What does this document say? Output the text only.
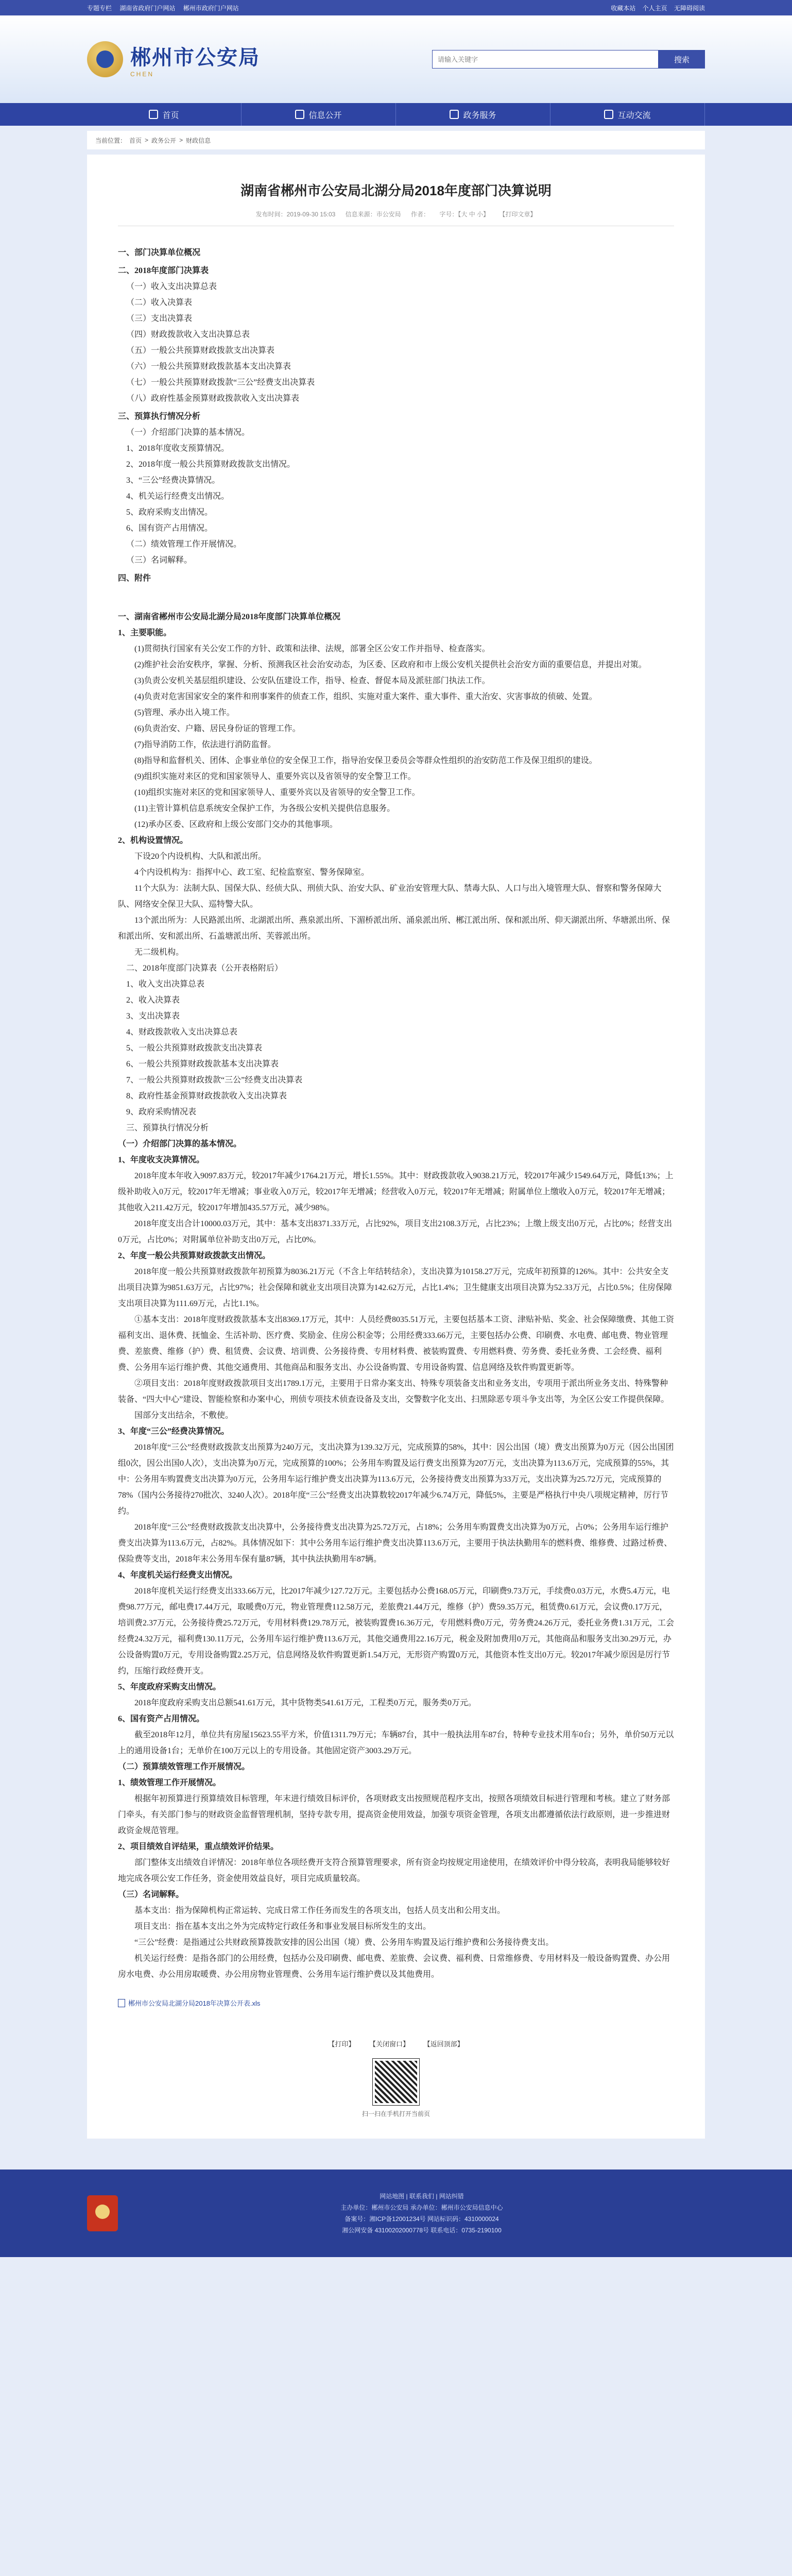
专题专栏 湖南省政府门户网站 郴州市政府门户网站	收藏本站 个人主页 无障碍阅读
郴州市公安局
CHEN
请输入关键字
搜索
首页	信息公开	政务服务	互动交流
当前位置： 首页 > 政务公开 > 财政信息
湖南省郴州市公安局北湖分局2018年度部门决算说明
发布时间：2019-09-30 15:03 信息来源：市公安局 作者： 字号：【大 中 小】 【打印文章】

一、部门决算单位概况

二、2018年度部门决算表

（一）收入支出决算总表

（二）收入决算表

（三）支出决算表

（四）财政拨款收入支出决算总表

（五）一般公共预算财政拨款支出决算表

（六）一般公共预算财政拨款基本支出决算表

（七）一般公共预算财政拨款“三公”经费支出决算表

（八）政府性基金预算财政拨款收入支出决算表

三、预算执行情况分析

（一）介绍部门决算的基本情况。

1、2018年度收支预算情况。

2、2018年度一般公共预算财政拨款支出情况。

3、“三公”经费决算情况。

4、机关运行经费支出情况。

5、政府采购支出情况。

6、国有资产占用情况。

（二）绩效管理工作开展情况。

（三）名词解释。

四、附件

一、湖南省郴州市公安局北湖分局2018年度部门决算单位概况

1、主要职能。

(1)贯彻执行国家有关公安工作的方针、政策和法律、法规，部署全区公安工作并指导、检查落实。

(2)维护社会治安秩序，掌握、分析、预测我区社会治安动态，为区委、区政府和市上级公安机关提供社会治安方面的重要信息，并提出对策。

(3)负责公安机关基层组织建设、公安队伍建设工作，指导、检查、督促本局及派驻部门执法工作。

(4)负责对危害国家安全的案件和刑事案件的侦查工作，组织、实施对重大案件、重大事件、重大治安、灾害事故的侦破、处置。

(5)管理、承办出入境工作。

(6)负责治安、户籍、居民身份证的管理工作。

(7)指导消防工作，依法进行消防监督。

(8)指导和监督机关、团体、企事业单位的安全保卫工作，指导治安保卫委员会等群众性组织的治安防范工作及保卫组织的建设。

(9)组织实施对来区的党和国家领导人、重要外宾以及省领导的安全警卫工作。

(10)组织实施对来区的党和国家领导人、重要外宾以及省领导的安全警卫工作。

(11)主管计算机信息系统安全保护工作，为各级公安机关提供信息服务。

(12)承办区委、区政府和上级公安部门交办的其他事项。

2、机构设置情况。

下设20个内设机构、大队和派出所。

4个内设机构为：指挥中心、政工室、纪检监察室、警务保障室。

11个大队为：法制大队、国保大队、经侦大队、刑侦大队、治安大队、矿业治安管理大队、禁毒大队、人口与出入境管理大队、督察和警务保障大队、网络安全保卫大队、巡特警大队。

13个派出所为：人民路派出所、北湖派出所、燕泉派出所、下湄桥派出所、涌泉派出所、郴江派出所、保和派出所、仰天湖派出所、华塘派出所、保和派出所、安和派出所、石盖塘派出所、芙蓉派出所。

无二级机构。

二、2018年度部门决算表（公开表格附后）

1、收入支出决算总表

2、收入决算表

3、支出决算表

4、财政拨款收入支出决算总表

5、一般公共预算财政拨款支出决算表

6、一般公共预算财政拨款基本支出决算表

7、一般公共预算财政拨款“三公”经费支出决算表

8、政府性基金预算财政拨款收入支出决算表

9、政府采购情况表

三、预算执行情况分析

（一）介绍部门决算的基本情况。

1、年度收支决算情况。

2018年度本年收入9097.83万元，较2017年减少1764.21万元，增长1.55%。其中：财政拨款收入9038.21万元，较2017年减少1549.64万元，降低13%；上级补助收入0万元，较2017年无增减；事业收入0万元，较2017年无增减；经营收入0万元，较2017年无增减；附属单位上缴收入0万元，较2017年无增减；其他收入211.42万元，较2017年增加435.57万元，减少98%。

2018年度支出合计10000.03万元，其中：基本支出8371.33万元，占比92%，项目支出2108.3万元，占比23%；上缴上级支出0万元，占比0%；经营支出0万元，占比0%；对附属单位补助支出0万元，占比0%。

2、年度一般公共预算财政拨款支出情况。

2018年度一般公共预算财政拨款年初预算为8036.21万元（不含上年结转结余），支出决算为10158.27万元，完成年初预算的126%。其中：公共安全支出项目决算为9851.63万元，占比97%；社会保障和就业支出项目决算为142.62万元，占比1.4%；卫生健康支出项目决算为52.33万元，占比0.5%；住房保障支出项目决算为111.69万元，占比1.1%。

①基本支出：2018年度财政拨款基本支出8369.17万元，其中：人员经费8035.51万元，主要包括基本工资、津贴补贴、奖金、社会保障缴费、其他工资福利支出、退休费、抚恤金、生活补助、医疗费、奖励金、住房公积金等；公用经费333.66万元，主要包括办公费、印刷费、水电费、邮电费、物业管理费、差旅费、维修（护）费、租赁费、会议费、培训费、公务接待费、专用材料费、被装购置费、专用燃料费、劳务费、委托业务费、工会经费、福利费、公务用车运行维护费、其他交通费用、其他商品和服务支出、办公设备购置、专用设备购置、信息网络及软件购置更新等。

②项目支出：2018年度财政拨款项目支出1789.1万元，主要用于日常办案支出、特殊专项装备支出和业务支出，专项用于派出所业务支出、特殊警种装备、“四大中心”建设、智能检察和办案中心，刑侦专项技术侦查设备及支出，交警数字化支出、扫黑除恶专项斗争支出等，为全区公安工作提供保障。

国部分支出结余，不敷使。

3、年度“三公”经费决算情况。

2018年度“三公”经费财政拨款支出预算为240万元，支出决算为139.32万元，完成预算的58%，其中：因公出国（境）费支出预算为0万元（因公出国团组0次，因公出国0人次），支出决算为0万元，完成预算的100%；公务用车购置及运行费支出预算为207万元，支出决算为113.6万元，完成预算的55%，其中：公务用车购置费支出决算为0万元，公务用车运行维护费支出决算为113.6万元，公务接待费支出预算为33万元，支出决算为25.72万元，完成预算的78%（国内公务接待270批次、3240人次）。2018年度“三公”经费支出决算数较2017年减少6.74万元，降低5%，主要是严格执行中央八项规定精神，厉行节约。

2018年度“三公”经费财政拨款支出决算中，公务接待费支出决算为25.72万元，占18%；公务用车购置费支出决算为0万元，占0%；公务用车运行维护费支出决算为113.6万元，占82%。具体情况如下：其中公务用车运行维护费支出决算113.6万元，主要用于执法执勤用车的燃料费、维修费、过路过桥费、保险费等支出，2018年末公务用车保有量87辆，其中执法执勤用车87辆。

4、年度机关运行经费支出情况。

2018年度机关运行经费支出333.66万元，比2017年减少127.72万元。主要包括办公费168.05万元，印刷费9.73万元，手续费0.03万元，水费5.4万元，电费98.77万元，邮电费17.44万元，取暖费0万元，物业管理费112.58万元，差旅费21.44万元，维修（护）费59.35万元，租赁费0.61万元，会议费0.17万元，培训费2.37万元，公务接待费25.72万元，专用材料费129.78万元，被装购置费16.36万元，专用燃料费0万元，劳务费24.26万元，委托业务费1.31万元，工会经费24.32万元，福利费130.11万元，公务用车运行维护费113.6万元，其他交通费用22.16万元，税金及附加费用0万元，其他商品和服务支出30.29万元，办公设备购置0万元，专用设备购置2.25万元，信息网络及软件购置更新1.54万元，无形资产购置0万元，其他资本性支出0万元。较2017年减少原因是厉行节约，压缩行政经费开支。

5、年度政府采购支出情况。

2018年度政府采购支出总额541.61万元，其中货物类541.61万元，工程类0万元，服务类0万元。

6、国有资产占用情况。

截至2018年12月，单位共有房屋15623.55平方米，价值1311.79万元；车辆87台，其中一般执法用车87台，特种专业技术用车0台；另外，单价50万元以上的通用设备1台；无单价在100万元以上的专用设备。其他固定资产3003.29万元。

（二）预算绩效管理工作开展情况。

1、绩效管理工作开展情况。

根据年初预算进行预算绩效目标管理，年末进行绩效目标评价，各项财政支出按照规范程序支出，按照各项绩效目标进行管理和考核。建立了财务部门牵头，有关部门参与的财政资金监督管理机制，坚持专款专用，提高资金使用效益，加强专项资金管理，各项支出都遵循依法行政原则，进一步推进财政资金规范管理。

2、项目绩效自评结果，重点绩效评价结果。

部门整体支出绩效自评情况：2018年单位各项经费开支符合预算管理要求，所有资金均按规定用途使用，在绩效评价中得分较高，表明我局能够较好地完成各项公安工作任务，资金使用效益良好，项目完成质量较高。

（三）名词解释。

基本支出：指为保障机构正常运转、完成日常工作任务而发生的各项支出，包括人员支出和公用支出。

项目支出：指在基本支出之外为完成特定行政任务和事业发展目标所发生的支出。

“三公”经费：是指通过公共财政预算拨款安排的因公出国（境）费、公务用车购置及运行维护费和公务接待费支出。

机关运行经费：是指各部门的公用经费，包括办公及印刷费、邮电费、差旅费、会议费、福利费、日常维修费、专用材料及一般设备购置费、办公用房水电费、办公用房取暖费、办公用房物业管理费、公务用车运行维护费以及其他费用。

郴州市公安局北湖分局2018年决算公开表.xls
【打印】 【关闭窗口】 【返回顶部】
扫一扫在手机打开当前页
网站地图 | 联系我们 | 网站纠错
主办单位：郴州市公安局 承办单位：郴州市公安局信息中心
备案号：湘ICP备12001234号 网站标识码：4310000024
湘公网安备 43100202000778号 联系电话：0735-2190100
